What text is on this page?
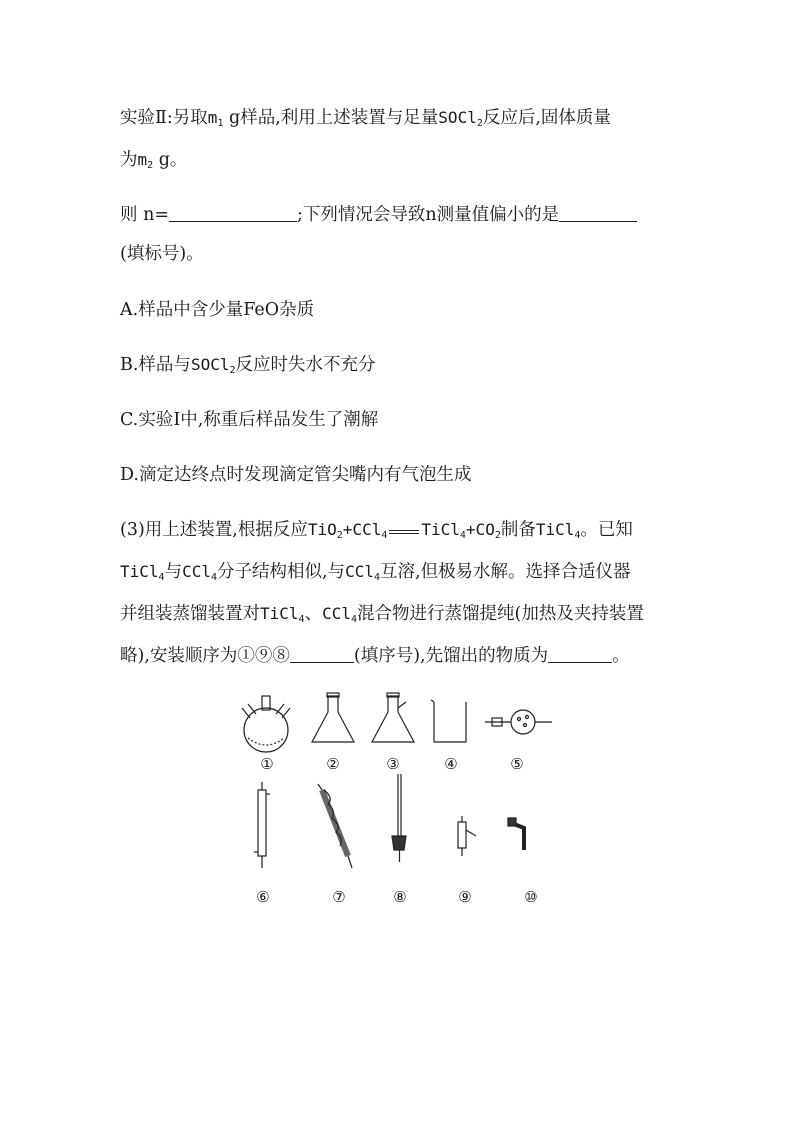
实验Ⅱ:另取$m_1$ g样品,利用上述装置与足量SOCl$_2$反应后,固体质量
为$m_2$ g。
则 n=	;下列情况会导致n测量值偏小的是
(填标号)。
A.样品中含少量FeO杂质
B.样品与SOCl$_2$反应时失水不充分
C.实验Ⅰ中,称重后样品发生了潮解
D.滴定达终点时发现滴定管尖嘴内有气泡生成
(3)用上述装置,根据反应TiO$_2$+CCl$_4$ $TiCl_4+CO_2$制备TiCl$_4$。已知
TiCl$_4$与CCl$_4$分子结构相似,与CCl$_4$互溶,但极易水解。选择合适仪器
并组装蒸馏装置对TiCl$_4$、CCl$_4$混合物进行蒸馏提纯(加热及夹持装置
略),安装顺序为①⑨⑧	(填序号),先馏出的物质为	。
①	②	③	④	⑤
⑥	⑦	⑧	⑨	⑩
